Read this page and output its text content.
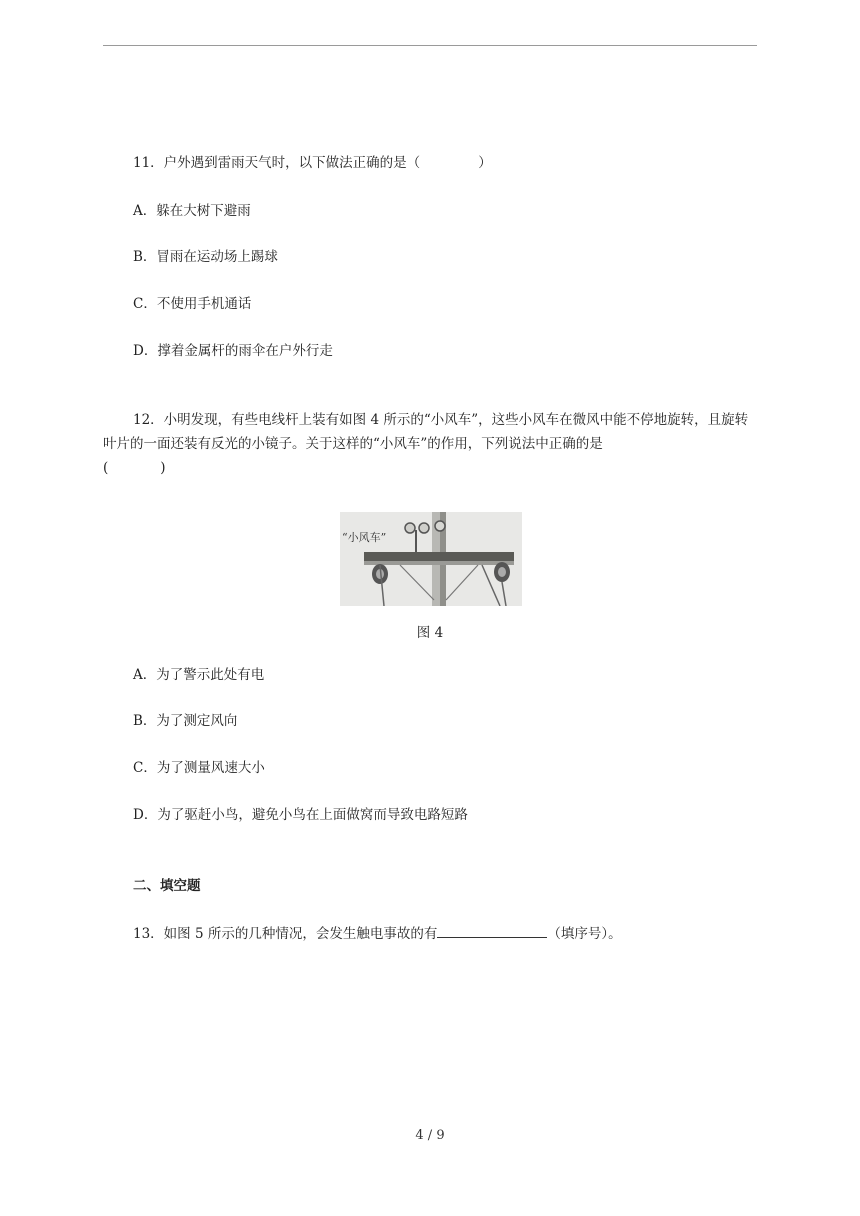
11．户外遇到雷雨天气时，以下做法正确的是（	）
A．躲在大树下避雨
B．冒雨在运动场上踢球
C．不使用手机通话
D．撑着金属杆的雨伞在户外行走
12．小明发现，有些电线杆上装有如图 4 所示的“小风车”，这些小风车在微风中能不停地旋转，且旋转叶片的一面还装有反光的小镜子。关于这样的“小风车”的作用，下列说法中正确的是
(	)
“小风车”
图 4
A．为了警示此处有电
B．为了测定风向
C．为了测量风速大小
D．为了驱赶小鸟，避免小鸟在上面做窝而导致电路短路
二、填空题
13．如图 5 所示的几种情况，会发生触电事故的有	（填序号）。
4 / 9
